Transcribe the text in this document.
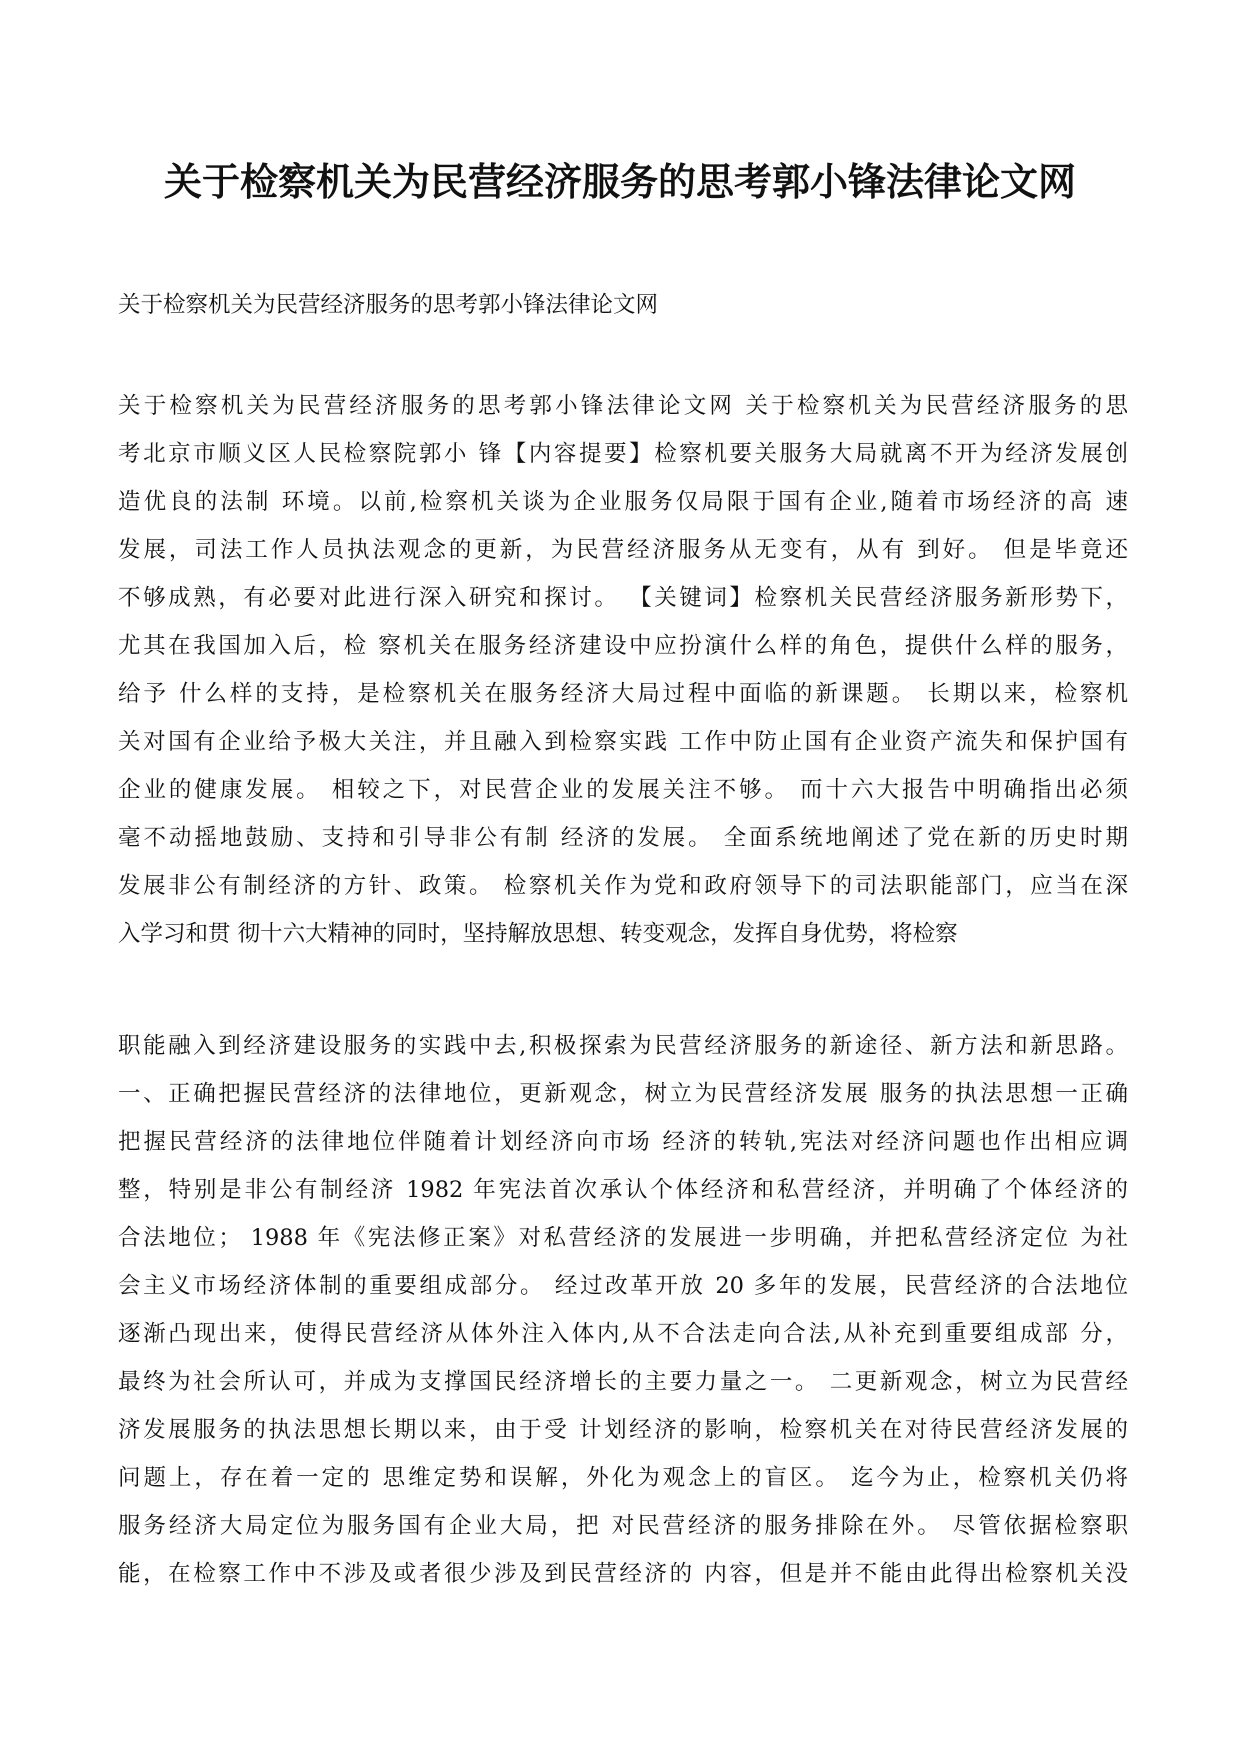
关于检察机关为民营经济服务的思考郭小锋法律论文网

关于检察机关为民营经济服务的思考郭小锋法律论文网

关于检察机关为民营经济服务的思考郭小锋法律论文网 关于检察机关为民营经济服务的思
考北京市顺义区人民检察院郭小 锋【内容提要】检察机要关服务大局就离不开为经济发展创
造优良的法制 环境。以前,检察机关谈为企业服务仅局限于国有企业,随着市场经济的高 速
发展，司法工作人员执法观念的更新，为民营经济服务从无变有，从有 到好。 但是毕竟还
不够成熟，有必要对此进行深入研究和探讨。 【关键词】检察机关民营经济服务新形势下，
尤其在我国加入后，检 察机关在服务经济建设中应扮演什么样的角色，提供什么样的服务，
给予 什么样的支持，是检察机关在服务经济大局过程中面临的新课题。 长期以来，检察机
关对国有企业给予极大关注，并且融入到检察实践 工作中防止国有企业资产流失和保护国有
企业的健康发展。 相较之下，对民营企业的发展关注不够。 而十六大报告中明确指出必须
毫不动摇地鼓励、支持和引导非公有制 经济的发展。 全面系统地阐述了党在新的历史时期
发展非公有制经济的方针、政策。 检察机关作为党和政府领导下的司法职能部门，应当在深
入学习和贯 彻十六大精神的同时，坚持解放思想、转变观念，发挥自身优势，将检察
职能融入到经济建设服务的实践中去,积极探索为民营经济服务的新途径、新方法和新思路。
一、正确把握民营经济的法律地位，更新观念，树立为民营经济发展 服务的执法思想一正确
把握民营经济的法律地位伴随着计划经济向市场 经济的转轨,宪法对经济问题也作出相应调
整，特别是非公有制经济 1982 年宪法首次承认个体经济和私营经济，并明确了个体经济的
合法地位； 1988 年《宪法修正案》对私营经济的发展进一步明确，并把私营经济定位 为社
会主义市场经济体制的重要组成部分。 经过改革开放 20 多年的发展，民营经济的合法地位
逐渐凸现出来，使得民营经济从体外注入体内,从不合法走向合法,从补充到重要组成部 分，
最终为社会所认可，并成为支撑国民经济增长的主要力量之一。 二更新观念，树立为民营经
济发展服务的执法思想长期以来，由于受 计划经济的影响，检察机关在对待民营经济发展的
问题上，存在着一定的 思维定势和误解，外化为观念上的盲区。 迄今为止，检察机关仍将
服务经济大局定位为服务国有企业大局，把 对民营经济的服务排除在外。 尽管依据检察职
能，在检察工作中不涉及或者很少涉及到民营经济的 内容，但是并不能由此得出检察机关没
